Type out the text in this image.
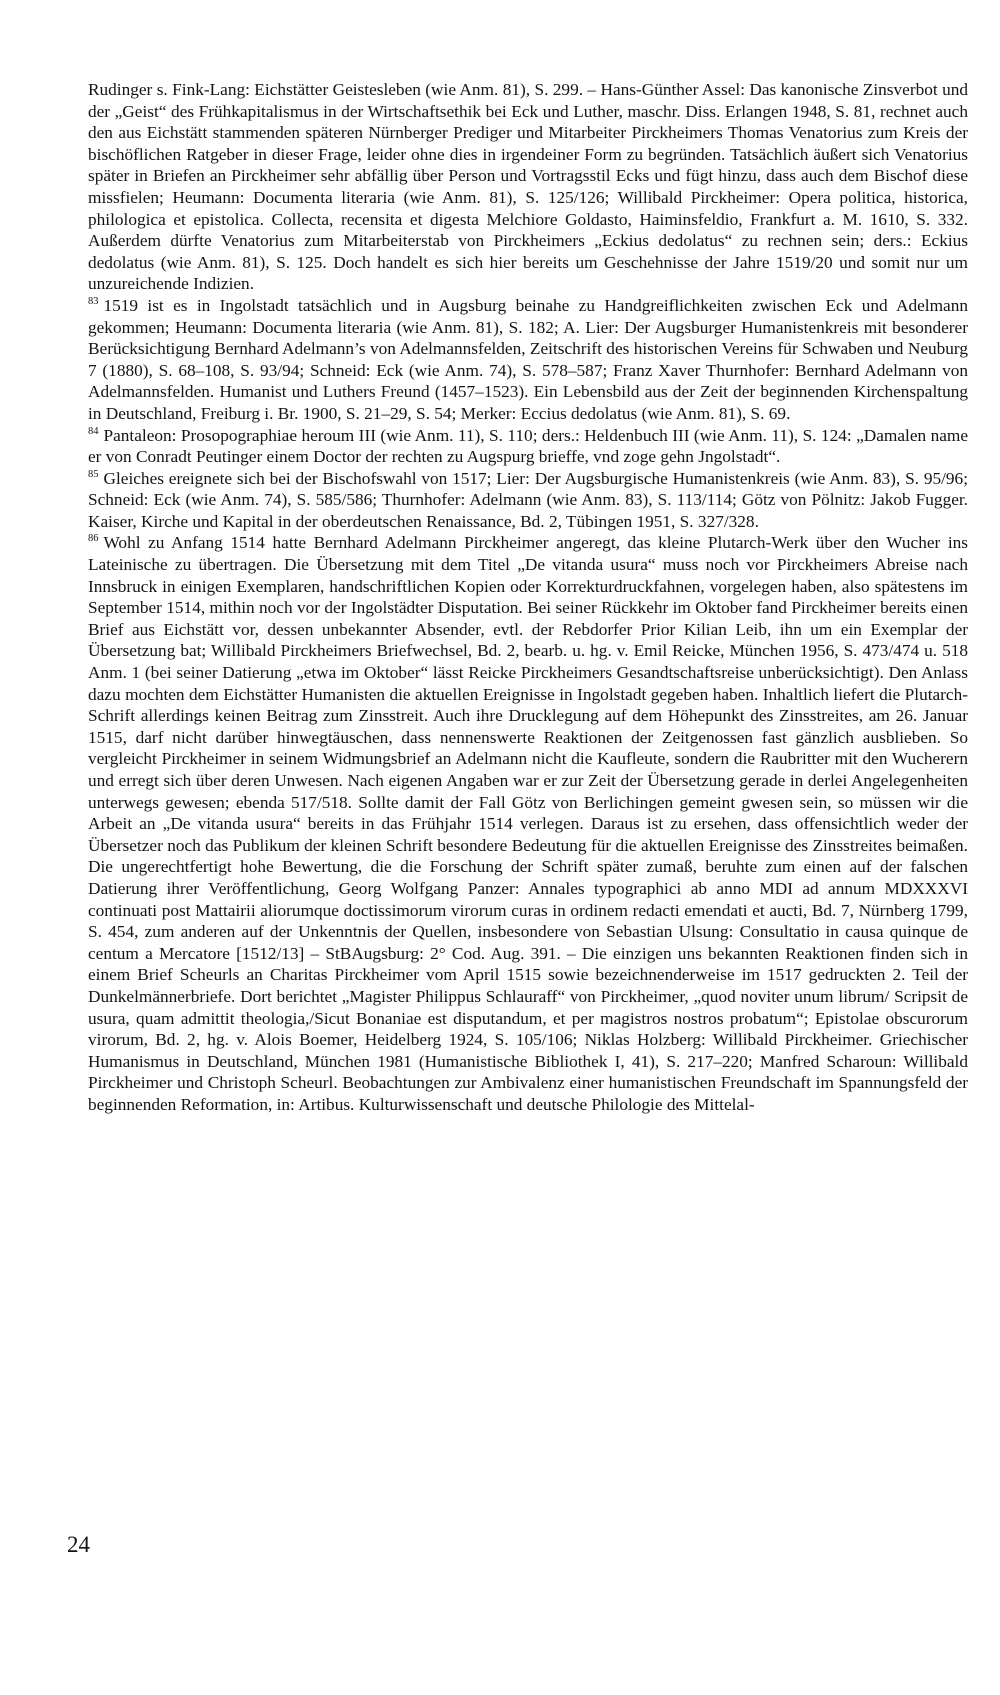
Rudinger s. Fink-Lang: Eichstätter Geistesleben (wie Anm. 81), S. 299. – Hans-Günther Assel: Das kanonische Zinsverbot und der „Geist“ des Frühkapitalismus in der Wirtschaftsethik bei Eck und Luther, maschr. Diss. Erlangen 1948, S. 81, rechnet auch den aus Eichstätt stammenden späteren Nürnberger Prediger und Mitarbeiter Pirckheimers Thomas Venatorius zum Kreis der bischöflichen Ratgeber in dieser Frage, leider ohne dies in irgendeiner Form zu begründen. Tatsächlich äußert sich Venatorius später in Briefen an Pirckheimer sehr abfällig über Person und Vortragsstil Ecks und fügt hinzu, dass auch dem Bischof diese missfielen; Heumann: Documenta literaria (wie Anm. 81), S. 125/126; Willibald Pirckheimer: Opera politica, historica, philologica et epistolica. Collecta, recensita et digesta Melchiore Goldasto, Haiminsfeldio, Frankfurt a. M. 1610, S. 332. Außerdem dürfte Venatorius zum Mitarbeiterstab von Pirckheimers „Eckius dedolatus“ zu rechnen sein; ders.: Eckius dedolatus (wie Anm. 81), S. 125. Doch handelt es sich hier bereits um Geschehnisse der Jahre 1519/20 und somit nur um unzureichende Indizien.

$^{83}$ 1519 ist es in Ingolstadt tatsächlich und in Augsburg beinahe zu Handgreiflichkeiten zwischen Eck und Adelmann gekommen; Heumann: Documenta literaria (wie Anm. 81), S. 182; A. Lier: Der Augsburger Humanistenkreis mit besonderer Berücksichtigung Bernhard Adelmann’s von Adelmannsfelden, Zeitschrift des historischen Vereins für Schwaben und Neuburg 7 (1880), S. 68–108, S. 93/94; Schneid: Eck (wie Anm. 74), S. 578–587; Franz Xaver Thurnhofer: Bernhard Adelmann von Adelmannsfelden. Humanist und Luthers Freund (1457–1523). Ein Lebensbild aus der Zeit der beginnenden Kirchenspaltung in Deutschland, Freiburg i. Br. 1900, S. 21–29, S. 54; Merker: Eccius dedolatus (wie Anm. 81), S. 69.

$^{84}$ Pantaleon: Prosopographiae heroum III (wie Anm. 11), S. 110; ders.: Heldenbuch III (wie Anm. 11), S. 124: „Damalen name er von Conradt Peutinger einem Doctor der rechten zu Augspurg brieffe, vnd zoge gehn Jngolstadt“.

$^{85}$ Gleiches ereignete sich bei der Bischofswahl von 1517; Lier: Der Augsburgische Humanistenkreis (wie Anm. 83), S. 95/96; Schneid: Eck (wie Anm. 74), S. 585/586; Thurnhofer: Adelmann (wie Anm. 83), S. 113/114; Götz von Pölnitz: Jakob Fugger. Kaiser, Kirche und Kapital in der oberdeutschen Renaissance, Bd. 2, Tübingen 1951, S. 327/328.

$^{86}$ Wohl zu Anfang 1514 hatte Bernhard Adelmann Pirckheimer angeregt, das kleine Plutarch-Werk über den Wucher ins Lateinische zu übertragen. Die Übersetzung mit dem Titel „De vitanda usura“ muss noch vor Pirckheimers Abreise nach Innsbruck in einigen Exemplaren, handschriftlichen Kopien oder Korrekturdruckfahnen, vorgelegen haben, also spätestens im September 1514, mithin noch vor der Ingolstädter Disputation. Bei seiner Rückkehr im Oktober fand Pirckheimer bereits einen Brief aus Eichstätt vor, dessen unbekannter Absender, evtl. der Rebdorfer Prior Kilian Leib, ihn um ein Exemplar der Übersetzung bat; Willibald Pirckheimers Briefwechsel, Bd. 2, bearb. u. hg. v. Emil Reicke, München 1956, S. 473/474 u. 518 Anm. 1 (bei seiner Datierung „etwa im Oktober“ lässt Reicke Pirckheimers Gesandtschaftsreise unberücksichtigt). Den Anlass dazu mochten dem Eichstätter Humanisten die aktuellen Ereignisse in Ingolstadt gegeben haben. Inhaltlich liefert die Plutarch-Schrift allerdings keinen Beitrag zum Zinsstreit. Auch ihre Drucklegung auf dem Höhepunkt des Zinsstreites, am 26. Januar 1515, darf nicht darüber hinwegtäuschen, dass nennenswerte Reaktionen der Zeitgenossen fast gänzlich ausblieben. So vergleicht Pirckheimer in seinem Widmungsbrief an Adelmann nicht die Kaufleute, sondern die Raubritter mit den Wucherern und erregt sich über deren Unwesen. Nach eigenen Angaben war er zur Zeit der Übersetzung gerade in derlei Angelegenheiten unterwegs gewesen; ebenda 517/518. Sollte damit der Fall Götz von Berlichingen gemeint gwesen sein, so müssen wir die Arbeit an „De vitanda usura“ bereits in das Frühjahr 1514 verlegen. Daraus ist zu ersehen, dass offensichtlich weder der Übersetzer noch das Publikum der kleinen Schrift besondere Bedeutung für die aktuellen Ereignisse des Zinsstreites beimaßen. Die ungerechtfertigt hohe Bewertung, die die Forschung der Schrift später zumaß, beruhte zum einen auf der falschen Datierung ihrer Veröffentlichung, Georg Wolfgang Panzer: Annales typographici ab anno MDI ad annum MDXXXVI continuati post Mattairii aliorumque doctissimorum virorum curas in ordinem redacti emendati et aucti, Bd. 7, Nürnberg 1799, S. 454, zum anderen auf der Unkenntnis der Quellen, insbesondere von Sebastian Ulsung: Consultatio in causa quinque de centum a Mercatore [1512/13] – StBAugsburg: 2° Cod. Aug. 391. – Die einzigen uns bekannten Reaktionen finden sich in einem Brief Scheurls an Charitas Pirckheimer vom April 1515 sowie bezeichnenderweise im 1517 gedruckten 2. Teil der Dunkelmännerbriefe. Dort berichtet „Magister Philippus Schlauraff“ von Pirckheimer, „quod noviter unum librum/ Scripsit de usura, quam admittit theologia,/Sicut Bonaniae est disputandum, et per magistros nostros probatum“; Epistolae obscurorum virorum, Bd. 2, hg. v. Alois Boemer, Heidelberg 1924, S. 105/106; Niklas Holzberg: Willibald Pirckheimer. Griechischer Humanismus in Deutschland, München 1981 (Humanistische Bibliothek I, 41), S. 217–220; Manfred Scharoun: Willibald Pirckheimer und Christoph Scheurl. Beobachtungen zur Ambivalenz einer humanistischen Freundschaft im Spannungsfeld der beginnenden Reformation, in: Artibus. Kulturwissenschaft und deutsche Philologie des Mittelal-

24
